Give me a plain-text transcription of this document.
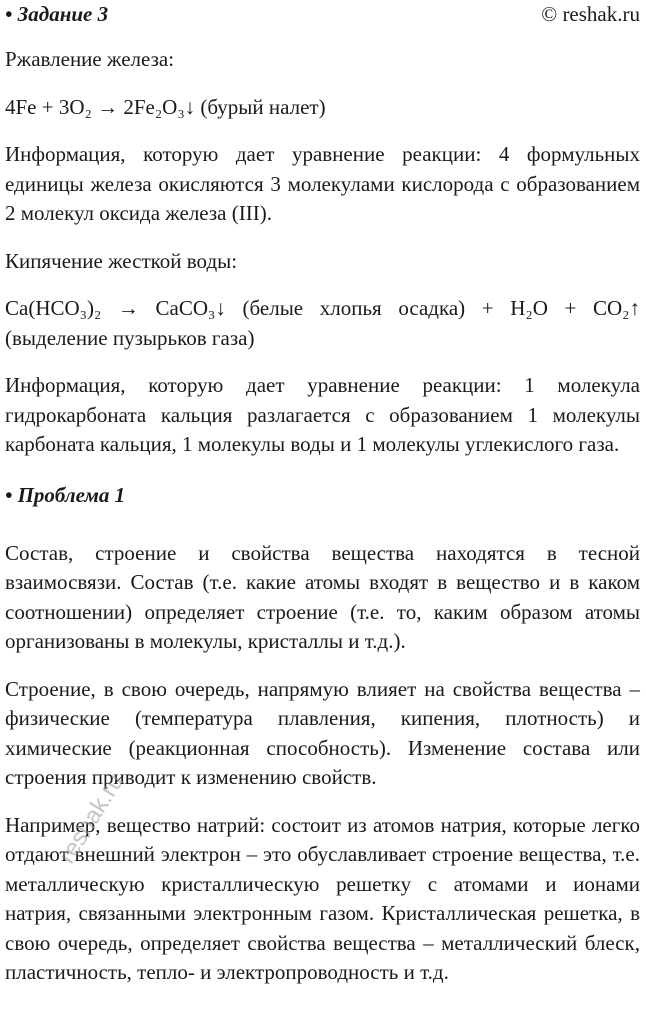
• Задание 3	© reshak.ru

Ржавление железа:

4Fe + 3O₂ → 2Fe₂O₃↓ (бурый налет)

Информация, которую дает уравнение реакции: 4 формульных единицы железа окисляются 3 молекулами кислорода с образованием 2 молекул оксида железа (III).

Кипячение жесткой воды:

Ca(HCO₃)₂ → CaCO₃↓ (белые хлопья осадка) + H₂O + CO₂↑ (выделение пузырьков газа)

Информация, которую дает уравнение реакции: 1 молекула гидрокарбоната кальция разлагается с образованием 1 молекулы карбоната кальция, 1 молекулы воды и 1 молекулы углекислого газа.

• Проблема 1

Состав, строение и свойства вещества находятся в тесной взаимосвязи. Состав (т.е. какие атомы входят в вещество и в каком соотношении) определяет строение (т.е. то, каким образом атомы организованы в молекулы, кристаллы и т.д.).

Строение, в свою очередь, напрямую влияет на свойства вещества – физические (температура плавления, кипения, плотность) и химические (реакционная способность). Изменение состава или строения приводит к изменению свойств.

Например, вещество натрий: состоит из атомов натрия, которые легко отдают внешний электрон – это обуславливает строение вещества, т.е. металлическую кристаллическую решетку с атомами и ионами натрия, связанными электронным газом. Кристаллическая решетка, в свою очередь, определяет свойства вещества – металлический блеск, пластичность, тепло- и электропроводность и т.д.

reshak.ru
